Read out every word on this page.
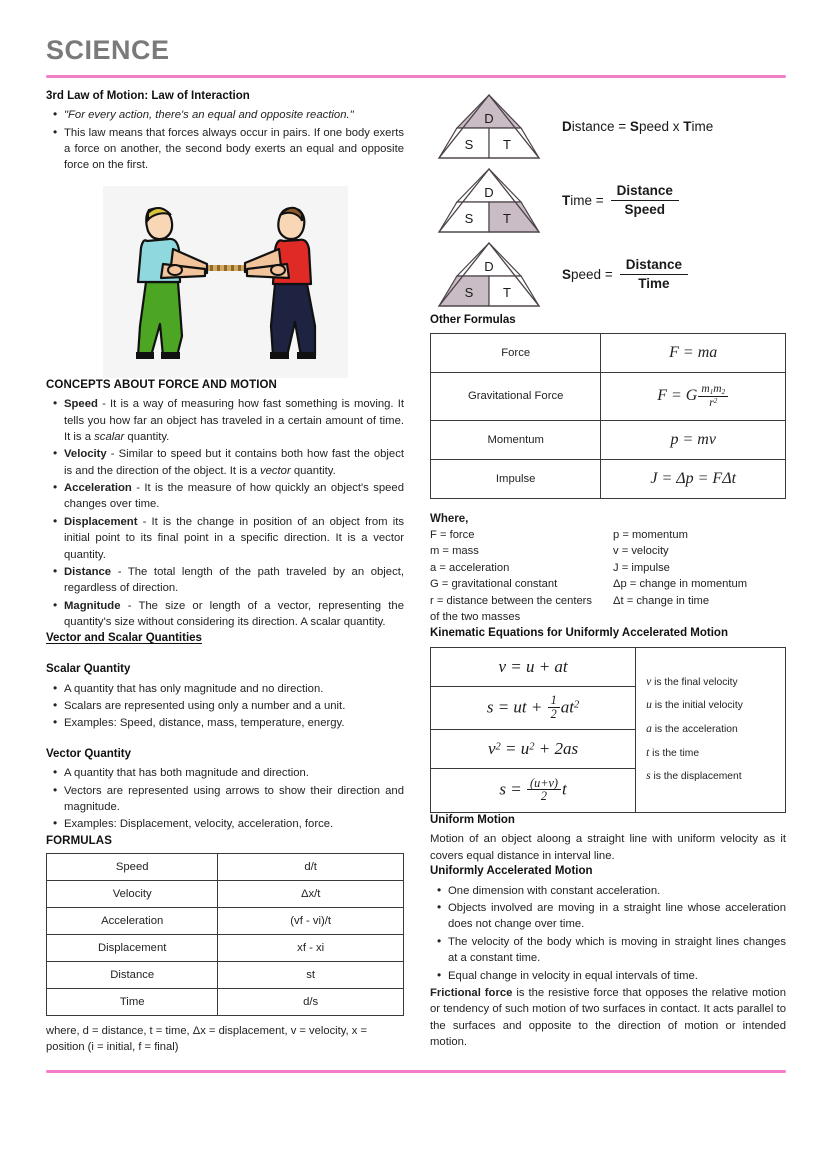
SCIENCE
3rd Law of Motion: Law of Interaction
• "For every action, there's an equal and opposite reaction."
• This law means that forces always occur in pairs. If one body exerts a force on another, the second body exerts an equal and opposite force on the first.
CONCEPTS ABOUT FORCE AND MOTION
• Speed - It is a way of measuring how fast something is moving. It tells you how far an object has traveled in a certain amount of time. It is a scalar quantity.
• Velocity - Similar to speed but it contains both how fast the object is and the direction of the object. It is a vector quantity.
• Acceleration - It is the measure of how quickly an object's speed changes over time.
• Displacement - It is the change in position of an object from its initial point to its final point in a specific direction. It is a vector quantity.
• Distance - The total length of the path traveled by an object, regardless of direction.
• Magnitude - The size or length of a vector, representing the quantity's size without considering its direction. A scalar quantity.
Vector and Scalar Quantities
Scalar Quantity
• A quantity that has only magnitude and no direction.
• Scalars are represented using only a number and a unit.
• Examples: Speed, distance, mass, temperature, energy.
Vector Quantity
• A quantity that has both magnitude and direction.
• Vectors are represented using arrows to show their direction and magnitude.
• Examples: Displacement, velocity, acceleration, force.
FORMULAS
Speed	d/t
Velocity	Δx/t
Acceleration	(vf - vi)/t
Displacement	xf - xi
Distance	st
Time	d/s
where, d = distance, t = time, Δx = displacement, v = velocity, x = position (i = initial, f = final)
D
S T
Distance = Speed x Time
D
S T
Time =
Distance
Speed
D
S T
Speed =
Distance
Time
Other Formulas
Force	F = ma
Gravitational Force	F = G $\frac{m_1m_2}{r^2}$

Momentum	p = mv
Impulse	J = Δp = FΔt
Where,
F = force
m = mass
a = acceleration
G = gravitational constant
r = distance between the centers of the two masses
p = momentum
v = velocity
J = impulse
Δp = change in momentum
Δt = change in time
Kinematic Equations for Uniformly Accelerated Motion
v = u + at	
v is the final velocity
u is the initial velocity
a is the acceleration
t is the time
s is the displacement

s = ut + $\frac{1}{2} at^2$
$v^2 = u^2 + 2as$
$s = \frac{(u+v)}{2}$ t
Uniform Motion

Motion of an object aloong a straight line with uniform velocity as it covers equal distance in interval line.

Uniformly Accelerated Motion
• One dimension with constant acceleration.
• Objects involved are moving in a straight line whose acceleration does not change over time.
• The velocity of the body which is moving in straight lines changes at a constant time.
• Equal change in velocity in equal intervals of time.

Frictional force is the resistive force that opposes the relative motion or tendency of such motion of two surfaces in contact. It acts parallel to the surfaces and opposite to the direction of motion or intended motion.
